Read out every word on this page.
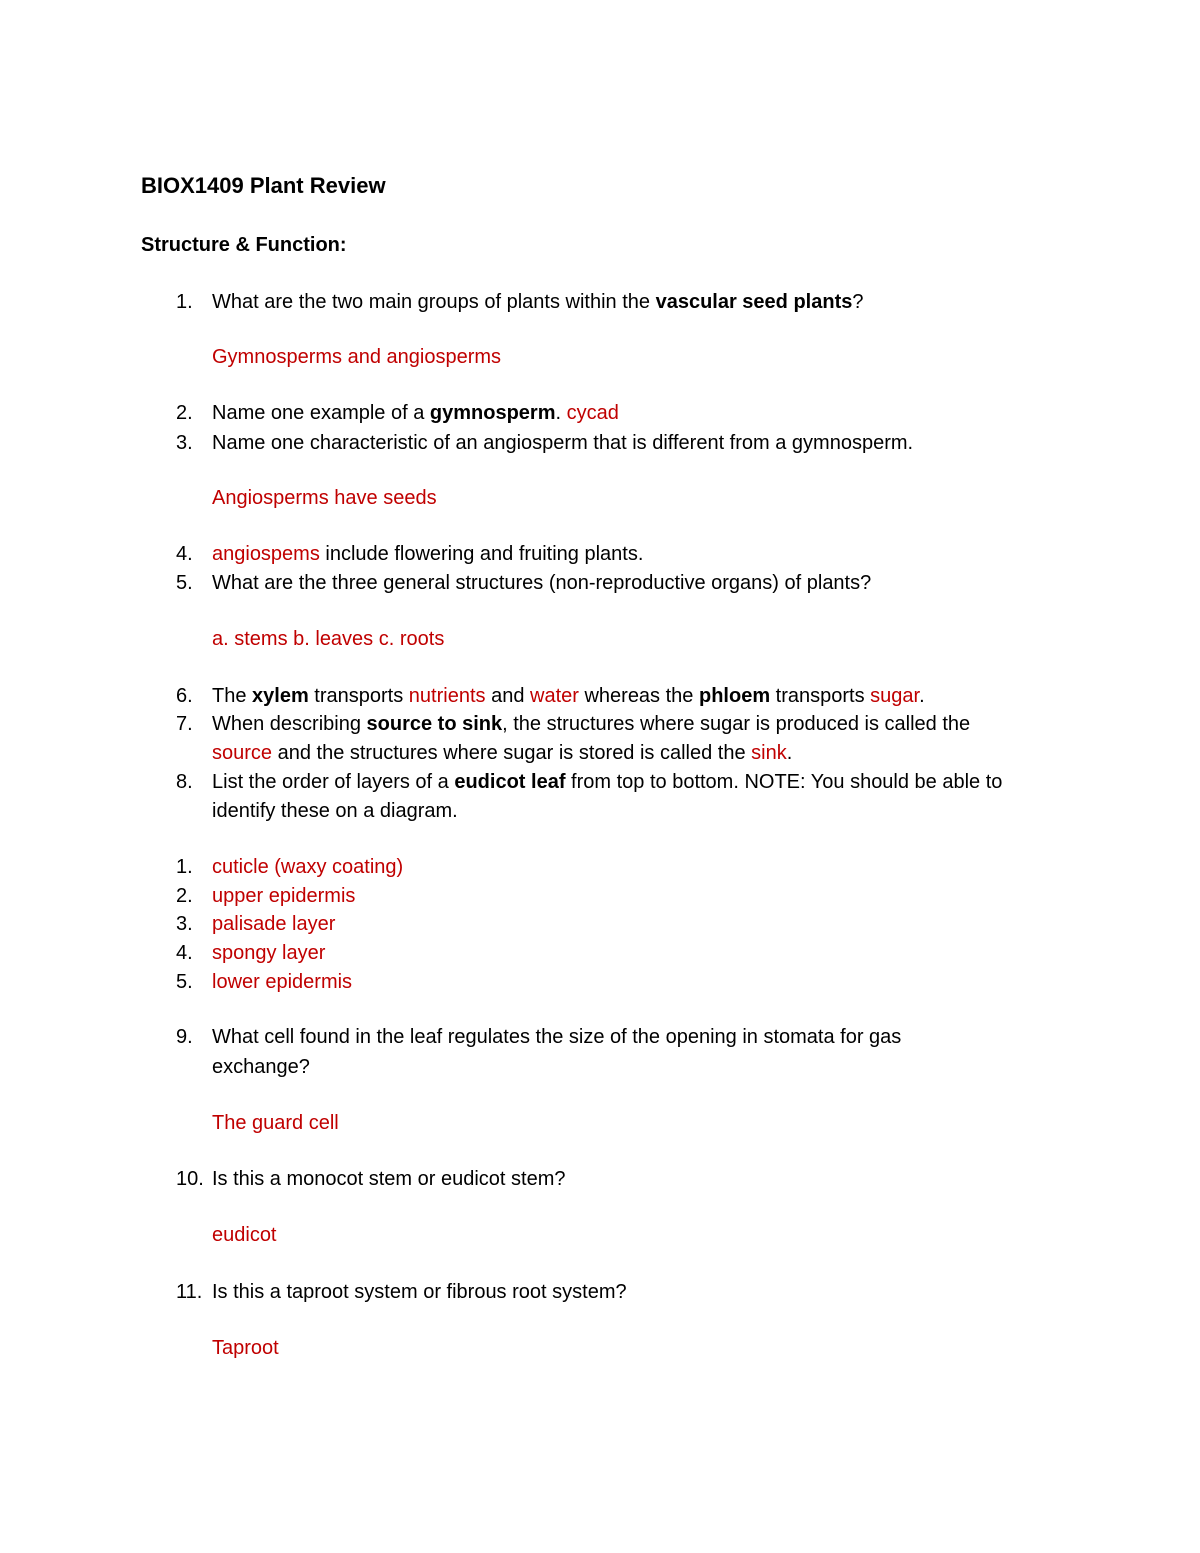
BIOX1409 Plant Review
Structure & Function:
1. What are the two main groups of plants within the vascular seed plants?
Gymnosperms and angiosperms
2. Name one example of a gymnosperm. cycad
3. Name one characteristic of an angiosperm that is different from a gymnosperm.
Angiosperms have seeds
4. angiospems include flowering and fruiting plants.
5. What are the three general structures (non-reproductive organs) of plants?
a. stems b. leaves c. roots
6. The xylem transports nutrients and water whereas the phloem transports sugar.
7. When describing source to sink, the structures where sugar is produced is called the
source and the structures where sugar is stored is called the sink.
8. List the order of layers of a eudicot leaf from top to bottom. NOTE: You should be able to
identify these on a diagram.
1. cuticle (waxy coating)
2. upper epidermis
3. palisade layer
4. spongy layer
5. lower epidermis
9. What cell found in the leaf regulates the size of the opening in stomata for gas
exchange?
The guard cell
10. Is this a monocot stem or eudicot stem?
eudicot
11. Is this a taproot system or fibrous root system?
Taproot
